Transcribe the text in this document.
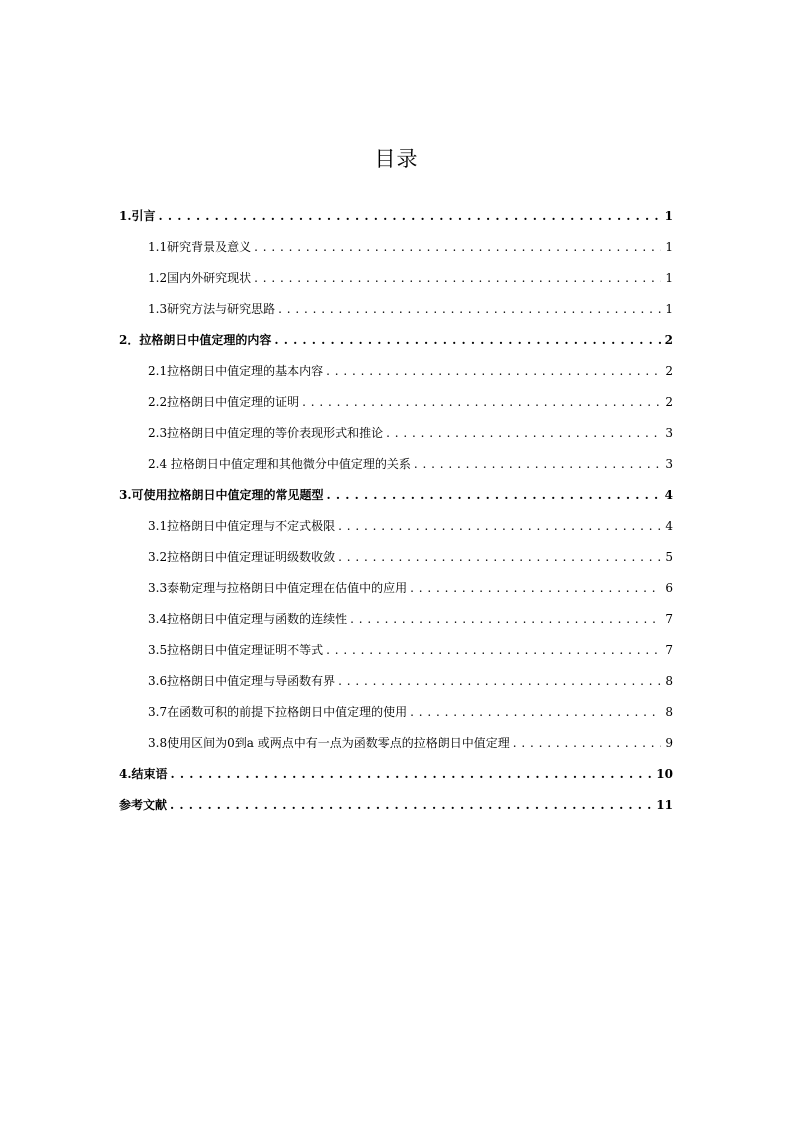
目录
1.引言 . . .	1
1.1研究背景及意义 . . .	1
1.2国内外研究现状 . . .	1
1.3研究方法与研究思路 . . .	1
2．拉格朗日中值定理的内容 . . .	2
2.1拉格朗日中值定理的基本内容 . . .	2
2.2拉格朗日中值定理的证明 . . .	2
2.3拉格朗日中值定理的等价表现形式和推论 . . .	3
2.4 拉格朗日中值定理和其他微分中值定理的关系 . . .	3
3.可使用拉格朗日中值定理的常见题型 . . .	4
3.1拉格朗日中值定理与不定式极限 . . .	4
3.2拉格朗日中值定理证明级数收敛 . . .	5
3.3泰勒定理与拉格朗日中值定理在估值中的应用 . . .	6
3.4拉格朗日中值定理与函数的连续性 . . .	7
3.5拉格朗日中值定理证明不等式 . . .	7
3.6拉格朗日中值定理与导函数有界 . . .	8
3.7在函数可积的前提下拉格朗日中值定理的使用 . . .	8
3.8使用区间为0到a 或两点中有一点为函数零点的拉格朗日中值定理 . . .	9
4.结束语 . . .	10
参考文献 . . .	11
